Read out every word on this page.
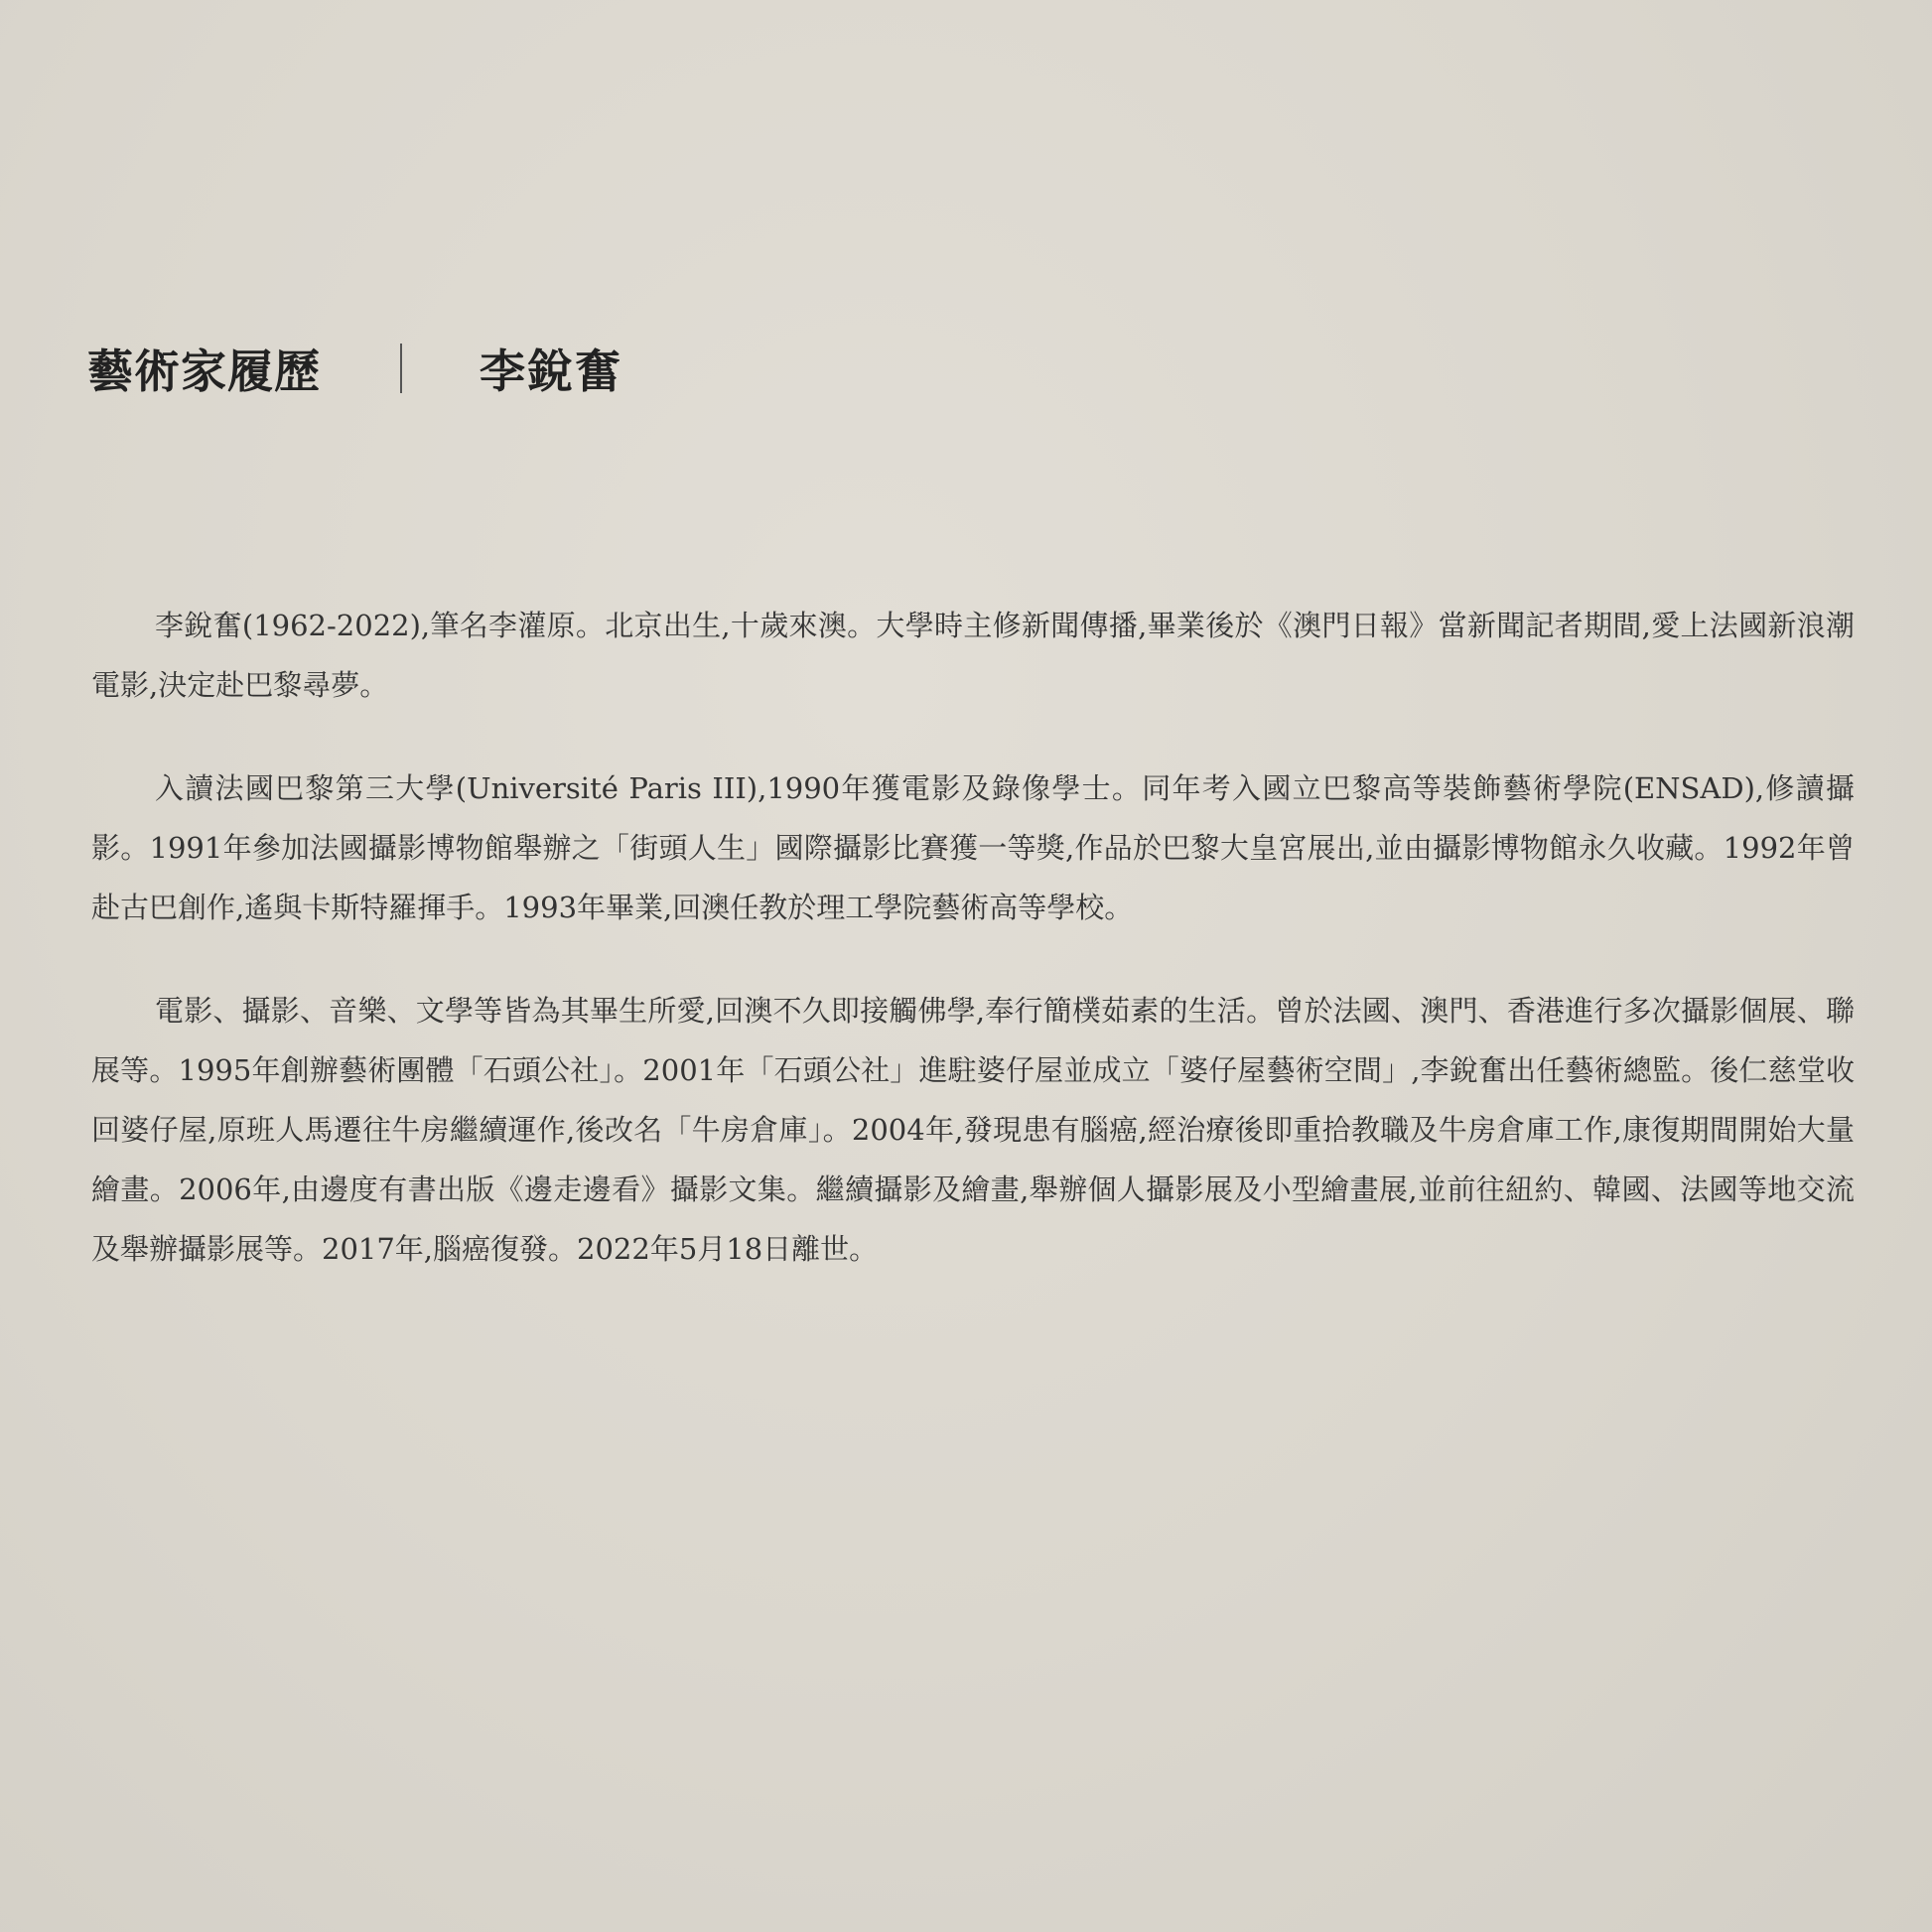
藝術家履歷	李銳奮

李銳奮(1962-2022),筆名李灌原。北京出生,十歲來澳。大學時主修新聞傳播,畢業後於《澳門日報》當新聞記者期間,愛上法國新浪潮電影,決定赴巴黎尋夢。

入讀法國巴黎第三大學(Université Paris III),1990年獲電影及錄像學士。同年考入國立巴黎高等裝飾藝術學院(ENSAD),修讀攝影。1991年參加法國攝影博物館舉辦之「街頭人生」國際攝影比賽獲一等獎,作品於巴黎大皇宮展出,並由攝影博物館永久收藏。1992年曾赴古巴創作,遙與卡斯特羅揮手。1993年畢業,回澳任教於理工學院藝術高等學校。

電影、攝影、音樂、文學等皆為其畢生所愛,回澳不久即接觸佛學,奉行簡樸茹素的生活。曾於法國、澳門、香港進行多次攝影個展、聯展等。1995年創辦藝術團體「石頭公社」。2001年「石頭公社」進駐婆仔屋並成立「婆仔屋藝術空間」,李銳奮出任藝術總監。後仁慈堂收回婆仔屋,原班人馬遷往牛房繼續運作,後改名「牛房倉庫」。2004年,發現患有腦癌,經治療後即重拾教職及牛房倉庫工作,康復期間開始大量繪畫。2006年,由邊度有書出版《邊走邊看》攝影文集。繼續攝影及繪畫,舉辦個人攝影展及小型繪畫展,並前往紐約、韓國、法國等地交流及舉辦攝影展等。2017年,腦癌復發。2022年5月18日離世。
